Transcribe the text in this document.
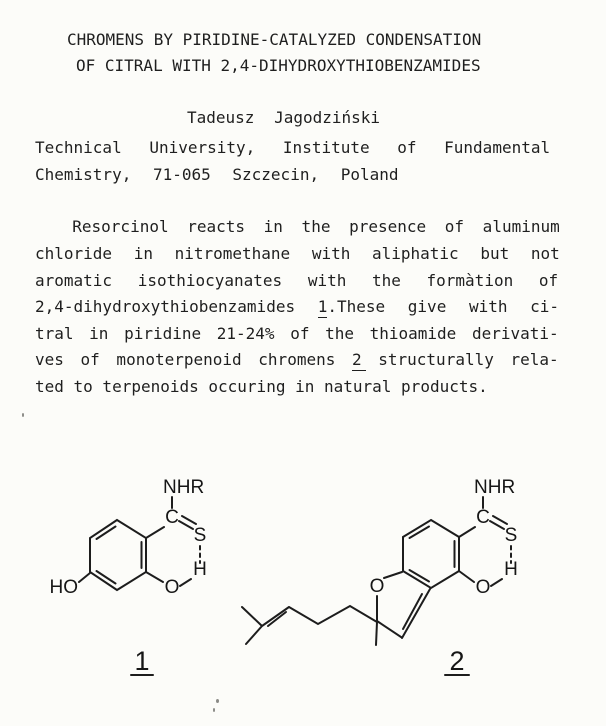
CHROMENS BY PIRIDINE-CATALYZED CONDENSATION
OF CITRAL WITH 2,4-DIHYDROXYTHIOBENZAMIDES
Tadeusz Jagodziński
Technical University, Institute of Fundamental
Chemistry, 71-065 Szczecin, Poland
Resorcinol reacts in the presence of aluminum
chloride in nitromethane with aliphatic but not
aromatic isothiocyanates with the formàtion of
2,4-dihydroxythiobenzamides 1.These give with ci-
tral in piridine 21-24% of the thioamide derivati-
ves of monoterpenoid chromens 2 structurally rela-
ted to terpenoids occuring in natural products.
NHR
C
S
H
O
HO
1
NHR
C
S
H
O
O
2
